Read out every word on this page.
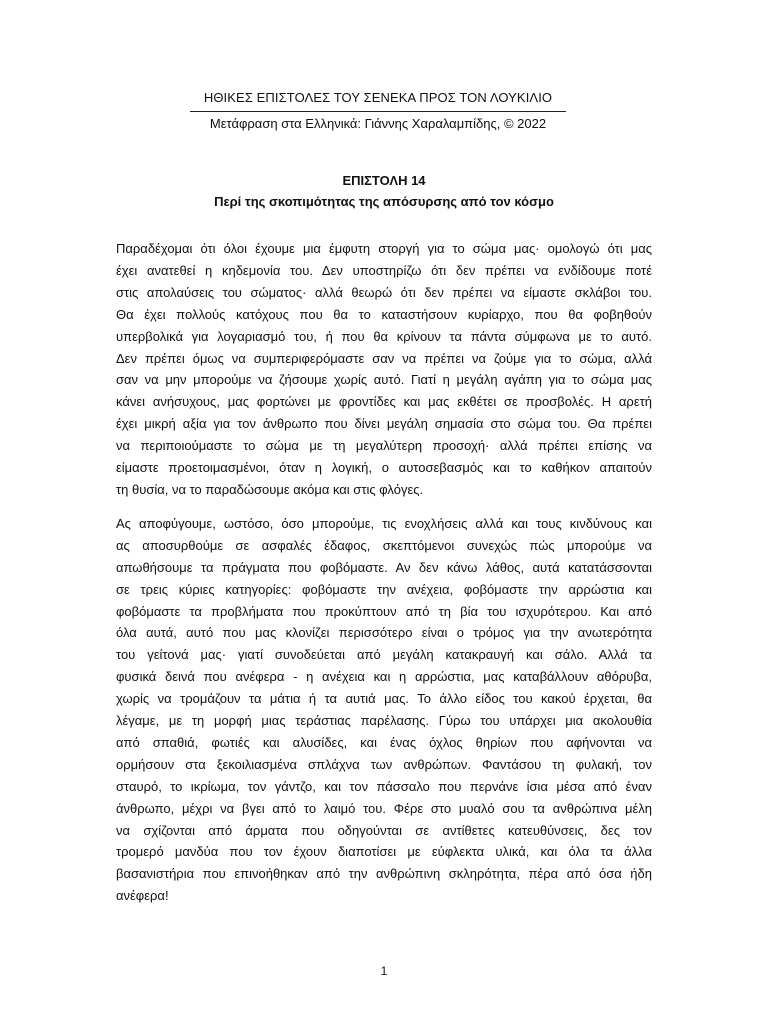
ΗΘΙΚΕΣ ΕΠΙΣΤΟΛΕΣ ΤΟΥ ΣΕΝΕΚΑ ΠΡΟΣ ΤΟΝ ΛΟΥΚΙΛΙΟ
Μετάφραση στα Ελληνικά: Γιάννης Χαραλαμπίδης, © 2022
ΕΠΙΣΤΟΛΗ 14
Περί της σκοπιμότητας της απόσυρσης από τον κόσμο
Παραδέχομαι ότι όλοι έχουμε μια έμφυτη στοργή για το σώμα μας· ομολογώ ότι μας
έχει ανατεθεί η κηδεμονία του. Δεν υποστηρίζω ότι δεν πρέπει να ενδίδουμε ποτέ
στις απολαύσεις του σώματος· αλλά θεωρώ ότι δεν πρέπει να είμαστε σκλάβοι του.
Θα έχει πολλούς κατόχους που θα το καταστήσουν κυρίαρχο, που θα φοβηθούν
υπερβολικά για λογαριασμό του, ή που θα κρίνουν τα πάντα σύμφωνα με το αυτό.
Δεν πρέπει όμως να συμπεριφερόμαστε σαν να πρέπει να ζούμε για το σώμα, αλλά
σαν να μην μπορούμε να ζήσουμε χωρίς αυτό. Γιατί η μεγάλη αγάπη για το σώμα μας
κάνει ανήσυχους, μας φορτώνει με φροντίδες και μας εκθέτει σε προσβολές. Η αρετή
έχει μικρή αξία για τον άνθρωπο που δίνει μεγάλη σημασία στο σώμα του. Θα πρέπει
να περιποιούμαστε το σώμα με τη μεγαλύτερη προσοχή· αλλά πρέπει επίσης να
είμαστε προετοιμασμένοι, όταν η λογική, ο αυτοσεβασμός και το καθήκον απαιτούν
τη θυσία, να το παραδώσουμε ακόμα και στις φλόγες.
Ας αποφύγουμε, ωστόσο, όσο μπορούμε, τις ενοχλήσεις αλλά και τους κινδύνους και
ας αποσυρθούμε σε ασφαλές έδαφος, σκεπτόμενοι συνεχώς πώς μπορούμε να
απωθήσουμε τα πράγματα που φοβόμαστε. Αν δεν κάνω λάθος, αυτά κατατάσσονται
σε τρεις κύριες κατηγορίες: φοβόμαστε την ανέχεια, φοβόμαστε την αρρώστια και
φοβόμαστε τα προβλήματα που προκύπτουν από τη βία του ισχυρότερου. Και από
όλα αυτά, αυτό που μας κλονίζει περισσότερο είναι ο τρόμος για την ανωτερότητα
του γείτονά μας· γιατί συνοδεύεται από μεγάλη κατακραυγή και σάλο. Αλλά τα
φυσικά δεινά που ανέφερα - η ανέχεια και η αρρώστια, μας καταβάλλουν αθόρυβα,
χωρίς να τρομάζουν τα μάτια ή τα αυτιά μας. Το άλλο είδος του κακού έρχεται, θα
λέγαμε, με τη μορφή μιας τεράστιας παρέλασης. Γύρω του υπάρχει μια ακολουθία
από σπαθιά, φωτιές και αλυσίδες, και ένας όχλος θηρίων που αφήνονται να
ορμήσουν στα ξεκοιλιασμένα σπλάχνα των ανθρώπων. Φαντάσου τη φυλακή, τον
σταυρό, το ικρίωμα, τον γάντζο, και τον πάσσαλο που περνάνε ίσια μέσα από έναν
άνθρωπο, μέχρι να βγει από το λαιμό του. Φέρε στο μυαλό σου τα ανθρώπινα μέλη
να σχίζονται από άρματα που οδηγούνται σε αντίθετες κατευθύνσεις, δες τον
τρομερό μανδύα που τον έχουν διαποτίσει με εύφλεκτα υλικά, και όλα τα άλλα
βασανιστήρια που επινοήθηκαν από την ανθρώπινη σκληρότητα, πέρα από όσα ήδη
ανέφερα!
1
